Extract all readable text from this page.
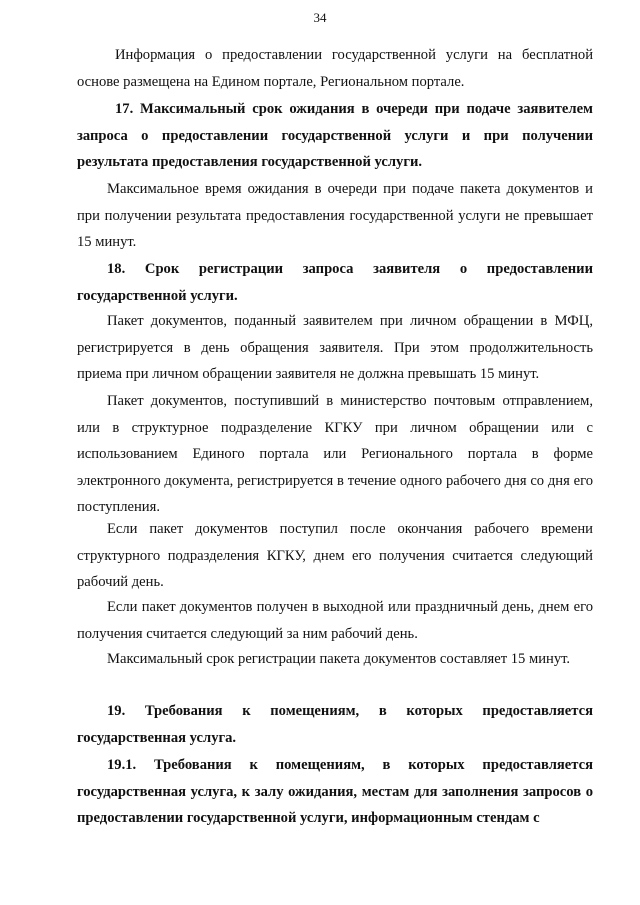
34

Информация о предоставлении государственной услуги на бесплатной основе размещена на Едином портале, Региональном портале.

17. Максимальный срок ожидания в очереди при подаче заявителем запроса о предоставлении государственной услуги и при получении результата предоставления государственной услуги.

Максимальное время ожидания в очереди при подаче пакета документов и при получении результата предоставления государственной услуги не превышает 15 минут.

18. Срок регистрации запроса заявителя о предоставлении государственной услуги.

Пакет документов, поданный заявителем при личном обращении в МФЦ, регистрируется в день обращения заявителя. При этом продолжительность приема при личном обращении заявителя не должна превышать 15 минут.

Пакет документов, поступивший в министерство почтовым отправлением, или в структурное подразделение КГКУ при личном обращении или с использованием Единого портала или Регионального портала в форме электронного документа, регистрируется в течение одного рабочего дня со дня его поступления.

Если пакет документов поступил после окончания рабочего времени структурного подразделения КГКУ, днем его получения считается следующий рабочий день.

Если пакет документов получен в выходной или праздничный день, днем его получения считается следующий за ним рабочий день.

Максимальный срок регистрации пакета документов составляет 15 минут.

19. Требования к помещениям, в которых предоставляется государственная услуга.

19.1. Требования к помещениям, в которых предоставляется государственная услуга, к залу ожидания, местам для заполнения запросов о предоставлении государственной услуги, информационным стендам с
